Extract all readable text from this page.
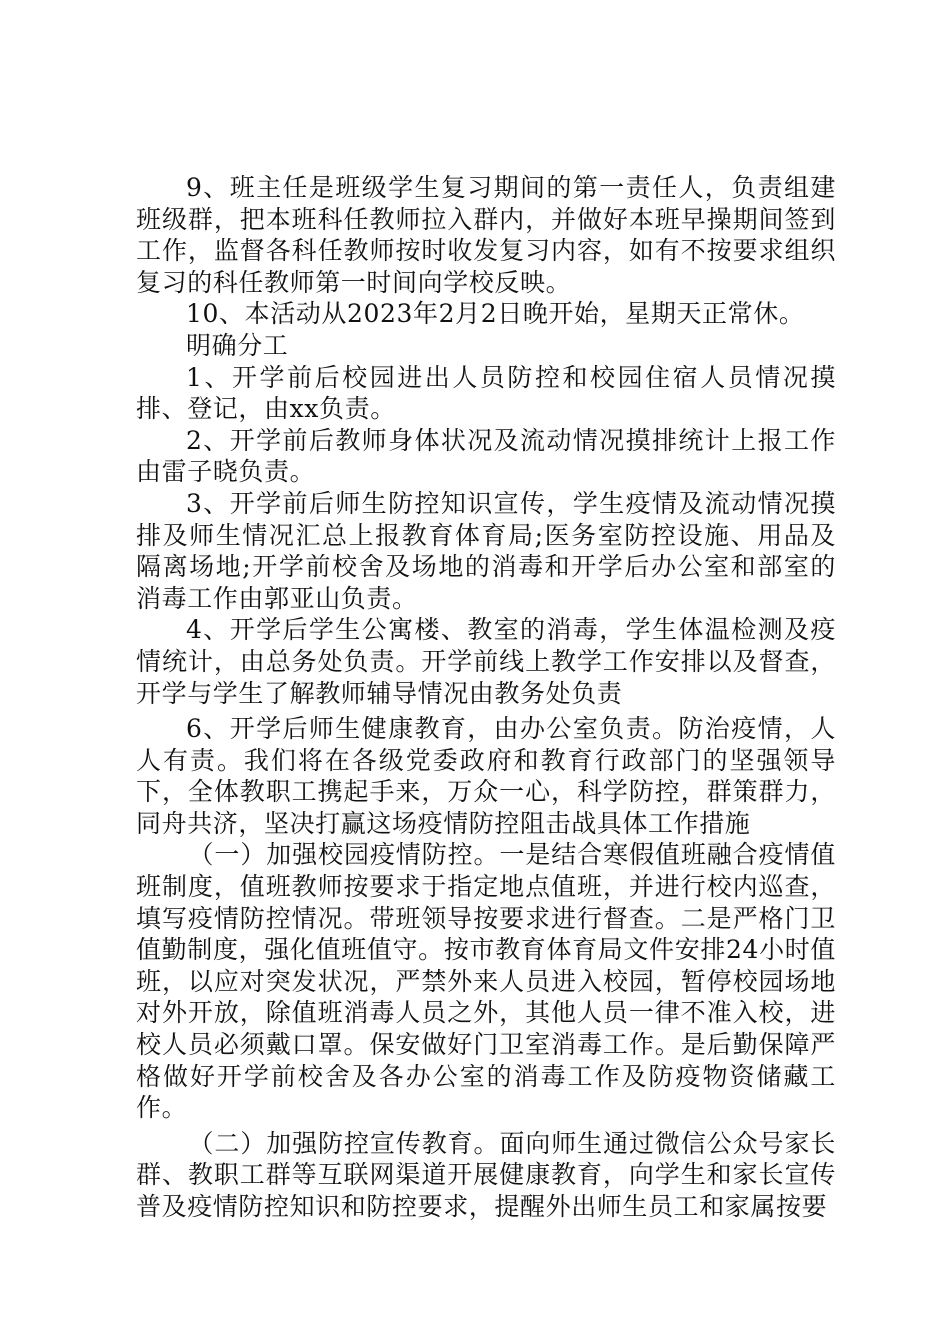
9、班主任是班级学生复习期间的第一责任人，负责组建班级群，把本班科任教师拉入群内，并做好本班早操期间签到工作，监督各科任教师按时收发复习内容，如有不按要求组织复习的科任教师第一时间向学校反映。

10、本活动从2023年2月2日晚开始，星期天正常休。

明确分工

1、开学前后校园进出人员防控和校园住宿人员情况摸排、登记，由xx负责。

2、开学前后教师身体状况及流动情况摸排统计上报工作由雷子晓负责。

3、开学前后师生防控知识宣传，学生疫情及流动情况摸排及师生情况汇总上报教育体育局;医务室防控设施、用品及隔离场地;开学前校舍及场地的消毒和开学后办公室和部室的消毒工作由郭亚山负责。

4、开学后学生公寓楼、教室的消毒，学生体温检测及疫情统计，由总务处负责。开学前线上教学工作安排以及督查，开学与学生了解教师辅导情况由教务处负责

6、开学后师生健康教育，由办公室负责。防治疫情，人人有责。我们将在各级党委政府和教育行政部门的坚强领导下，全体教职工携起手来，万众一心，科学防控，群策群力，同舟共济，坚决打赢这场疫情防控阻击战具体工作措施

（一）加强校园疫情防控。一是结合寒假值班融合疫情值班制度，值班教师按要求于指定地点值班，并进行校内巡查，填写疫情防控情况。带班领导按要求进行督查。二是严格门卫值勤制度，强化值班值守。按市教育体育局文件安排24小时值班，以应对突发状况，严禁外来人员进入校园，暂停校园场地对外开放，除值班消毒人员之外，其他人员一律不准入校，进校人员必须戴口罩。保安做好门卫室消毒工作。是后勤保障严格做好开学前校舍及各办公室的消毒工作及防疫物资储藏工作。

（二）加强防控宣传教育。面向师生通过微信公众号家长群、教职工群等互联网渠道开展健康教育，向学生和家长宣传普及疫情防控知识和防控要求，提醒外出师生员工和家属按要
